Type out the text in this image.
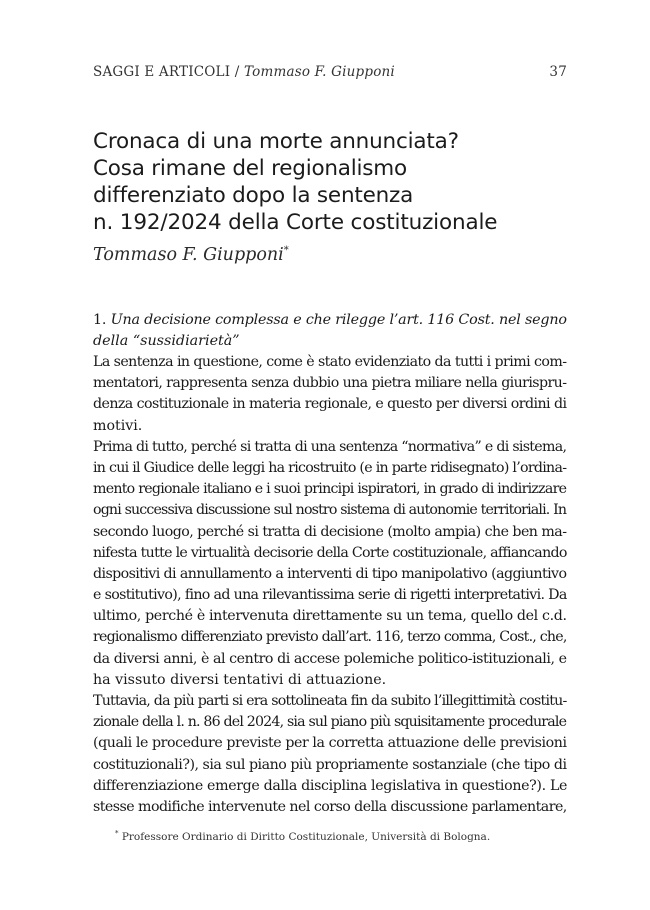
SAGGI E ARTICOLI / Tommaso F. Giupponi	37
Cronaca di una morte annunciata?
Cosa rimane del regionalismo
differenziato dopo la sentenza
n. 192/2024 della Corte costituzionale
Tommaso F. Giupponi*
1. Una decisione complessa e che rilegge l’art. 116 Cost. nel segno
della “sussidiarietà”
La sentenza in questione, come è stato evidenziato da tutti i primi com-
mentatori, rappresenta senza dubbio una pietra miliare nella giurispru-
denza costituzionale in materia regionale, e questo per diversi ordini di
motivi.
Prima di tutto, perché si tratta di una sentenza “normativa” e di sistema,
in cui il Giudice delle leggi ha ricostruito (e in parte ridisegnato) l’ordina-
mento regionale italiano e i suoi principi ispiratori, in grado di indirizzare
ogni successiva discussione sul nostro sistema di autonomie territoriali. In
secondo luogo, perché si tratta di decisione (molto ampia) che ben ma-
nifesta tutte le virtualità decisorie della Corte costituzionale, affiancando
dispositivi di annullamento a interventi di tipo manipolativo (aggiuntivo
e sostitutivo), fino ad una rilevantissima serie di rigetti interpretativi. Da
ultimo, perché è intervenuta direttamente su un tema, quello del c.d.
regionalismo differenziato previsto dall’art. 116, terzo comma, Cost., che,
da diversi anni, è al centro di accese polemiche politico-istituzionali, e
ha vissuto diversi tentativi di attuazione.
Tuttavia, da più parti si era sottolineata fin da subito l’illegittimità costitu-
zionale della l. n. 86 del 2024, sia sul piano più squisitamente procedurale
(quali le procedure previste per la corretta attuazione delle previsioni
costituzionali?), sia sul piano più propriamente sostanziale (che tipo di
differenziazione emerge dalla disciplina legislativa in questione?). Le
stesse modifiche intervenute nel corso della discussione parlamentare,
* Professore Ordinario di Diritto Costituzionale, Università di Bologna.
